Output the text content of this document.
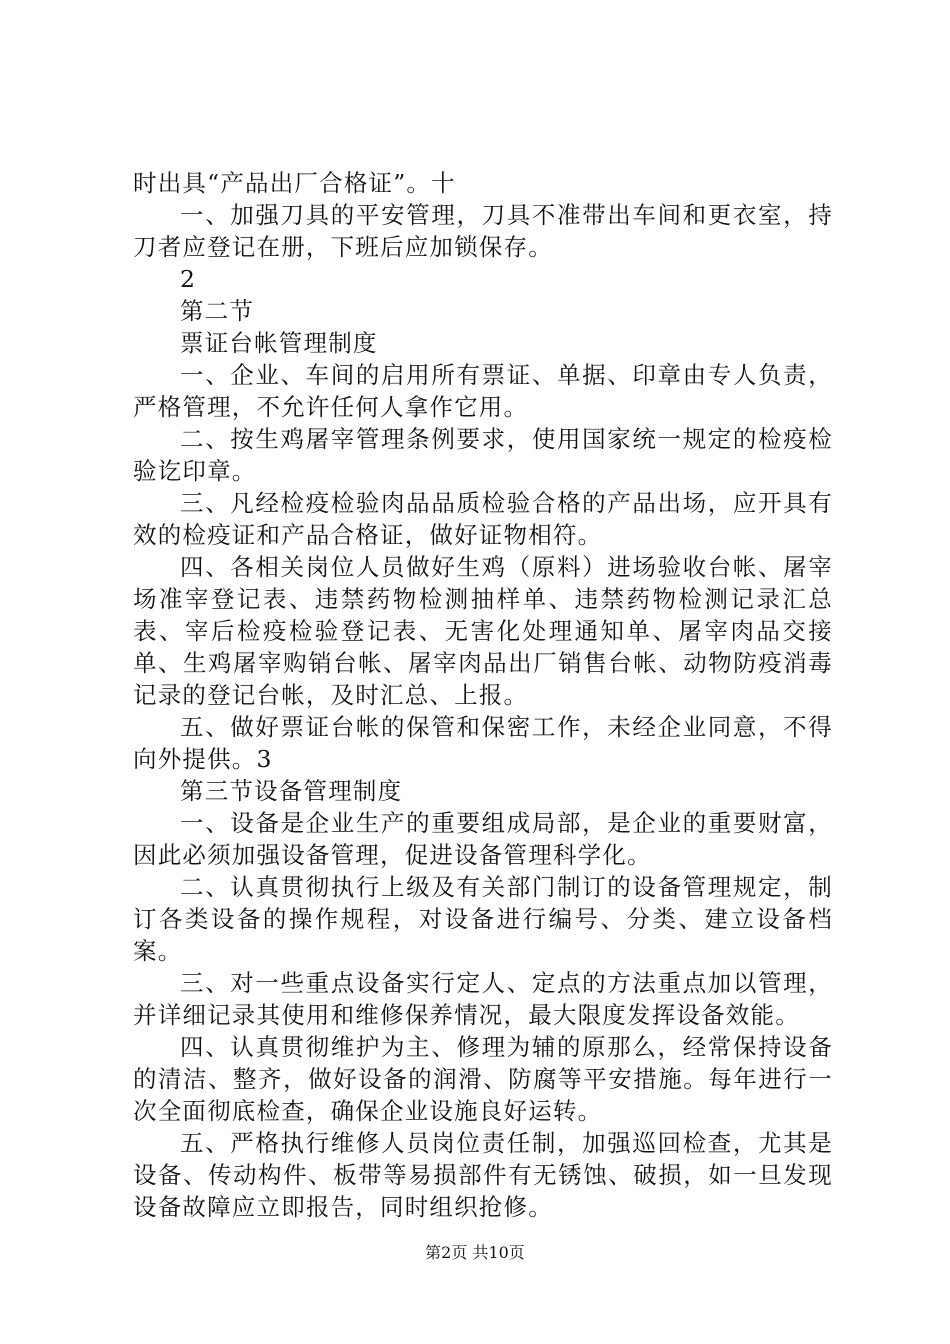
时出具“产品出厂合格证”。十

一、加强刀具的平安管理，刀具不准带出车间和更衣室，持刀者应登记在册，下班后应加锁保存。

2

第二节

票证台帐管理制度

一、企业、车间的启用所有票证、单据、印章由专人负责，严格管理，不允许任何人拿作它用。

二、按生鸡屠宰管理条例要求，使用国家统一规定的检疫检验讫印章。

三、凡经检疫检验肉品品质检验合格的产品出场，应开具有效的检疫证和产品合格证，做好证物相符。

四、各相关岗位人员做好生鸡（原料）进场验收台帐、屠宰场准宰登记表、违禁药物检测抽样单、违禁药物检测记录汇总表、宰后检疫检验登记表、无害化处理通知单、屠宰肉品交接单、生鸡屠宰购销台帐、屠宰肉品出厂销售台帐、动物防疫消毒记录的登记台帐，及时汇总、上报。

五、做好票证台帐的保管和保密工作，未经企业同意，不得向外提供。3

第三节设备管理制度

一、设备是企业生产的重要组成局部，是企业的重要财富，因此必须加强设备管理，促进设备管理科学化。

二、认真贯彻执行上级及有关部门制订的设备管理规定，制订各类设备的操作规程，对设备进行编号、分类、建立设备档案。

三、对一些重点设备实行定人、定点的方法重点加以管理，并详细记录其使用和维修保养情况，最大限度发挥设备效能。

四、认真贯彻维护为主、修理为辅的原那么，经常保持设备的清洁、整齐，做好设备的润滑、防腐等平安措施。每年进行一次全面彻底检查，确保企业设施良好运转。

五、严格执行维修人员岗位责任制，加强巡回检查，尤其是设备、传动构件、板带等易损部件有无锈蚀、破损，如一旦发现设备故障应立即报告，同时组织抢修。

第2页 共10页
